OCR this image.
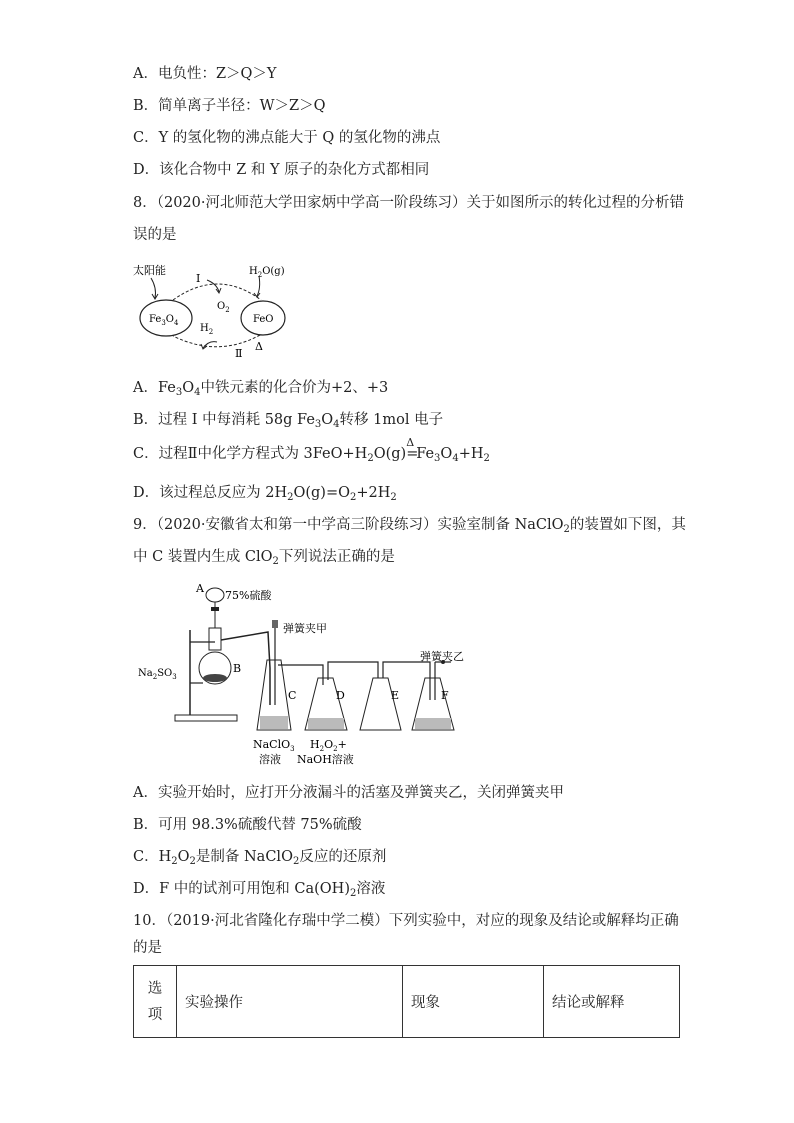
A．电负性：Z＞Q＞Y
B．简单离子半径：W＞Z＞Q
C．Y 的氢化物的沸点能大于 Q 的氢化物的沸点
D．该化合物中 Z 和 Y 原子的杂化方式都相同
8．（2020·河北师范大学田家炳中学高一阶段练习）关于如图所示的转化过程的分析错
误的是
太阳能
Ⅰ
$O_2$
$H_2O(g)$
$Fe_3O_4$	FeO
$H_2$
Ⅱ
Δ
A．$Fe_3O_4$中铁元素的化合价为+2、+3
B．过程 I 中每消耗 58g $Fe_3O_4$转移 1mol 电子
C．过程Ⅱ中化学方程式为 $3FeO+H_2O(g)$
Δ
$=Fe_3O_4+H_2$
D．该过程总反应为 $2H_2O(g)=O_2+2H_2$
9．（2020·安徽省太和第一中学高三阶段练习）实验室制备 NaClO$_2$的装置如下图，其
中 C 装置内生成 ClO$_2$下列说法正确的是
A
75%硫酸
弹簧夹甲
弹簧夹乙
$Na_2SO_3$
B
C	D	E	F
NaClO$_3$
溶液
$H_2O_2+$
NaOH溶液
A．实验开始时，应打开分液漏斗的活塞及弹簧夹乙，关闭弹簧夹甲
B．可用 98.3%硫酸代替 75%硫酸
C．$H_2O_2$是制备 NaClO$_2$反应的还原剂
D．F 中的试剂可用饱和 $Ca(OH)_2$溶液
10．（2019·河北省隆化存瑞中学二模）下列实验中，对应的现象及结论或解释均正确
的是
选
项	实验操作	现象	结论或解释
